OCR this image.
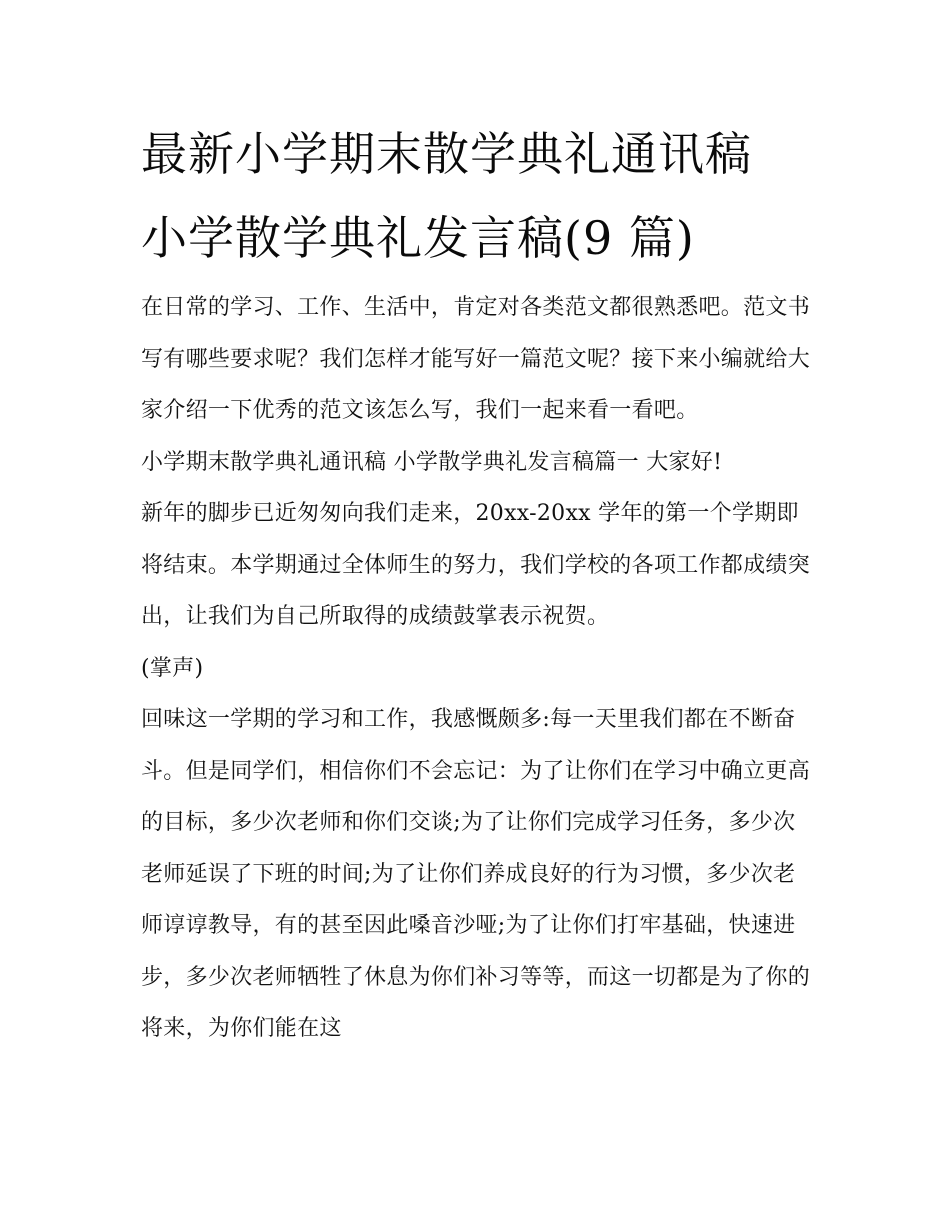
最新小学期末散学典礼通讯稿
小学散学典礼发言稿(9 篇)

在日常的学习、工作、生活中，肯定对各类范文都很熟悉吧。范文书写有哪些要求呢？我们怎样才能写好一篇范文呢？接下来小编就给大家介绍一下优秀的范文该怎么写，我们一起来看一看吧。

小学期末散学典礼通讯稿 小学散学典礼发言稿篇一 大家好!

新年的脚步已近匆匆向我们走来，20xx-20xx 学年的第一个学期即将结束。本学期通过全体师生的努力，我们学校的各项工作都成绩突出，让我们为自己所取得的成绩鼓掌表示祝贺。

(掌声)

回味这一学期的学习和工作，我感慨颇多:每一天里我们都在不断奋斗。但是同学们，相信你们不会忘记：为了让你们在学习中确立更高的目标，多少次老师和你们交谈;为了让你们完成学习任务，多少次老师延误了下班的时间;为了让你们养成良好的行为习惯，多少次老师谆谆教导，有的甚至因此嗓音沙哑;为了让你们打牢基础，快速进步，多少次老师牺牲了休息为你们补习等等，而这一切都是为了你的将来，为你们能在这
